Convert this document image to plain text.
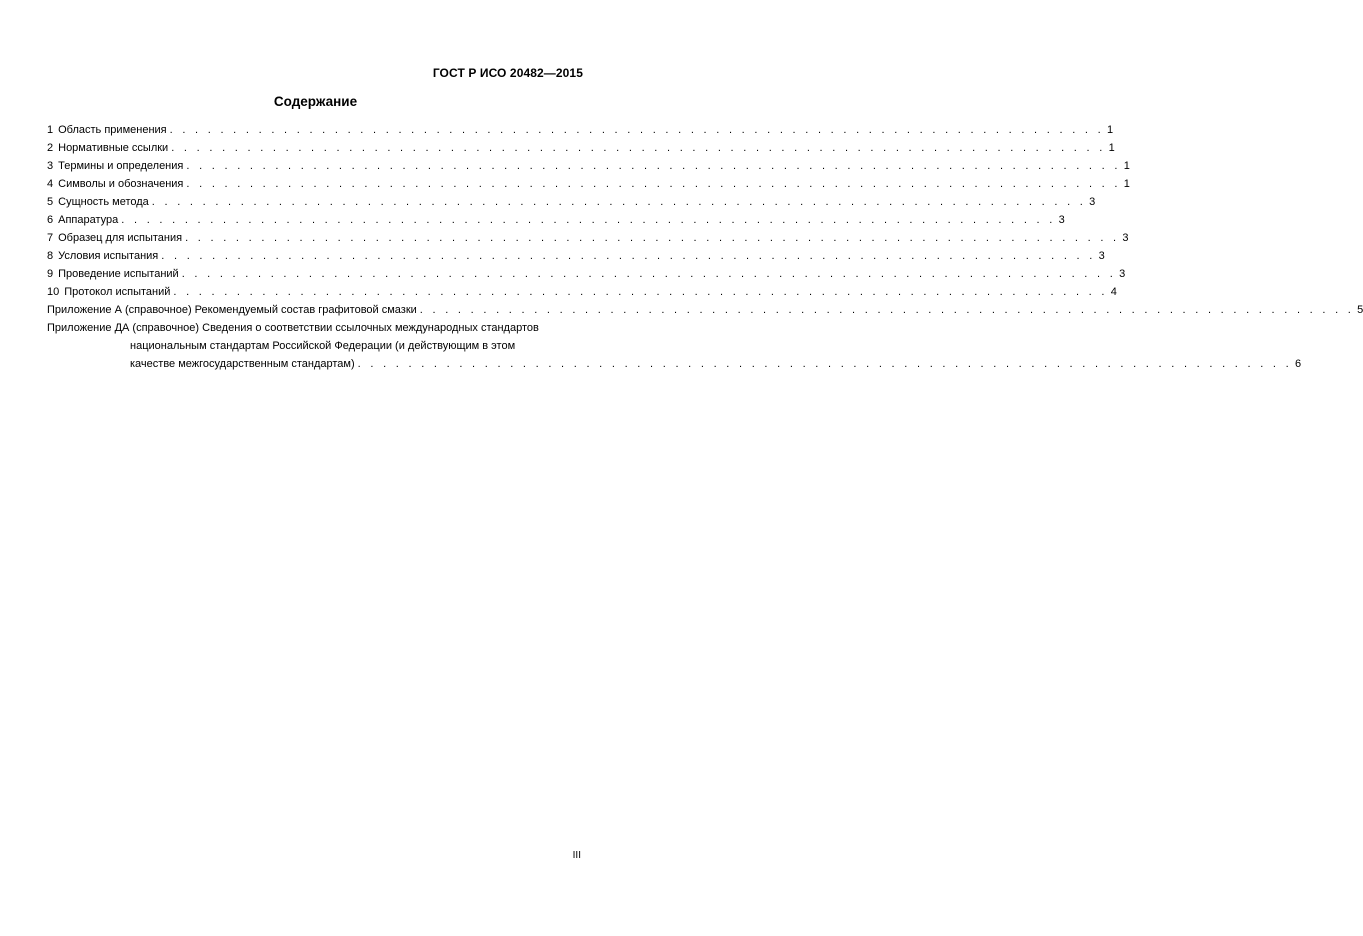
ГОСТ Р ИСО 20482—2015
Содержание
1 Область применения . . . . . . . . . . . . . . . . . . . . . . . . . . . . . . . . . . . . . . . . . . . . . . . . . . . . . . . . . . . . . . . . . . . . . . . . . . 1
2 Нормативные ссылки . . . . . . . . . . . . . . . . . . . . . . . . . . . . . . . . . . . . . . . . . . . . . . . . . . . . . . . . . . . . . . . . . . . . . . . . . . 1
3 Термины и определения . . . . . . . . . . . . . . . . . . . . . . . . . . . . . . . . . . . . . . . . . . . . . . . . . . . . . . . . . . . . . . . . . . . . . . . . . . 1
4 Символы и обозначения . . . . . . . . . . . . . . . . . . . . . . . . . . . . . . . . . . . . . . . . . . . . . . . . . . . . . . . . . . . . . . . . . . . . . . . . . . 1
5 Сущность метода . . . . . . . . . . . . . . . . . . . . . . . . . . . . . . . . . . . . . . . . . . . . . . . . . . . . . . . . . . . . . . . . . . . . . . . . . . 3
6 Аппаратура . . . . . . . . . . . . . . . . . . . . . . . . . . . . . . . . . . . . . . . . . . . . . . . . . . . . . . . . . . . . . . . . . . . . . . . . . . 3
7 Образец для испытания . . . . . . . . . . . . . . . . . . . . . . . . . . . . . . . . . . . . . . . . . . . . . . . . . . . . . . . . . . . . . . . . . . . . . . . . . . 3
8 Условия испытания . . . . . . . . . . . . . . . . . . . . . . . . . . . . . . . . . . . . . . . . . . . . . . . . . . . . . . . . . . . . . . . . . . . . . . . . . . 3
9 Проведение испытаний . . . . . . . . . . . . . . . . . . . . . . . . . . . . . . . . . . . . . . . . . . . . . . . . . . . . . . . . . . . . . . . . . . . . . . . . . . 3
10 Протокол испытаний . . . . . . . . . . . . . . . . . . . . . . . . . . . . . . . . . . . . . . . . . . . . . . . . . . . . . . . . . . . . . . . . . . . . . . . . . . 4
Приложение А (справочное) Рекомендуемый состав графитовой смазки . . . . . . . . . . . . . . . . . . . . . . . . . . . . . . . . . . . . . . . . . . . . . . . . . . . . . . . . . . . . . . . . . . . . . . . . . . 5
Приложение ДА (справочное) Сведения о соответствии ссылочных международных стандартов
национальным стандартам Российской Федерации (и действующим в этом
качестве межгосударственным стандартам) . . . . . . . . . . . . . . . . . . . . . . . . . . . . . . . . . . . . . . . . . . . . . . . . . . . . . . . . . . . . . . . . . . . . . . . . . . 6
III
